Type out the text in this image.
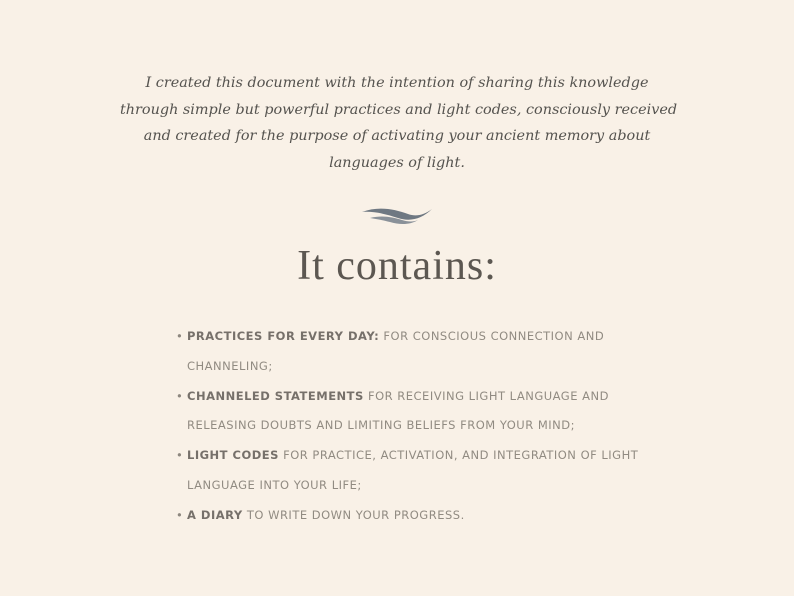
I created this document with the intention of sharing this knowledge
through simple but powerful practices and light codes, consciously received
and created for the purpose of activating your ancient memory about
languages of light.
It contains:
• PRACTICES FOR EVERY DAY: FOR CONSCIOUS CONNECTION AND
CHANNELING;
• CHANNELED STATEMENTS FOR RECEIVING LIGHT LANGUAGE AND
RELEASING DOUBTS AND LIMITING BELIEFS FROM YOUR MIND;
• LIGHT CODES FOR PRACTICE, ACTIVATION, AND INTEGRATION OF LIGHT
LANGUAGE INTO YOUR LIFE;
• A DIARY TO WRITE DOWN YOUR PROGRESS.
